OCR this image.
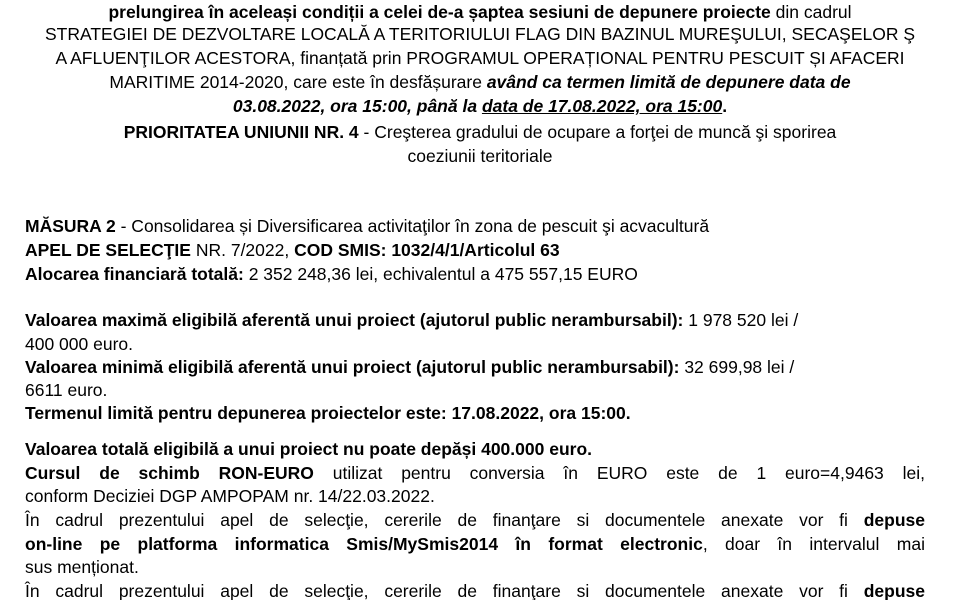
prelungirea în aceleași condiții a celei de-a șaptea sesiuni de depunere proiecte din cadrul
STRATEGIEI DE DEZVOLTARE LOCALĂ A TERITORIULUI FLAG DIN BAZINUL MUREŞULUI, SECAŞELOR Ş
A AFLUENŢILOR ACESTORA, finanțată prin PROGRAMUL OPERAȚIONAL PENTRU PESCUIT ȘI AFACERI
MARITIME 2014-2020, care este în desfășurare având ca termen limită de depunere data de
03.08.2022, ora 15:00, până la data de 17.08.2022, ora 15:00.
PRIORITATEA UNIUNII NR. 4 - Creşterea gradului de ocupare a forţei de muncă şi sporirea
coeziunii teritoriale
MĂSURA 2 - Consolidarea și Diversificarea activitaţilor în zona de pescuit şi acvacultură
APEL DE SELECŢIE NR. 7/2022, COD SMIS: 1032/4/1/Articolul 63
Alocarea financiară totală: 2 352 248,36 lei, echivalentul a 475 557,15 EURO
Valoarea maximă eligibilă aferentă unui proiect (ajutorul public nerambursabil): 1 978 520 lei /
400 000 euro.
Valoarea minimă eligibilă aferentă unui proiect (ajutorul public nerambursabil): 32 699,98 lei /
6611 euro.
Termenul limită pentru depunerea proiectelor este: 17.08.2022, ora 15:00.
Valoarea totală eligibilă a unui proiect nu poate depăși 400.000 euro.
Cursul de schimb RON-EURO utilizat pentru conversia în EURO este de 1 euro=4,9463 lei,
conform Deciziei DGP AMPOPAM nr. 14/22.03.2022.
În cadrul prezentului apel de selecţie, cererile de finanţare si documentele anexate vor fi depuse
on-line pe platforma informatica Smis/MySmis2014 în format electronic, doar în intervalul mai
sus menționat.
În cadrul prezentului apel de selecţie, cererile de finanţare si documentele anexate vor fi depuse
